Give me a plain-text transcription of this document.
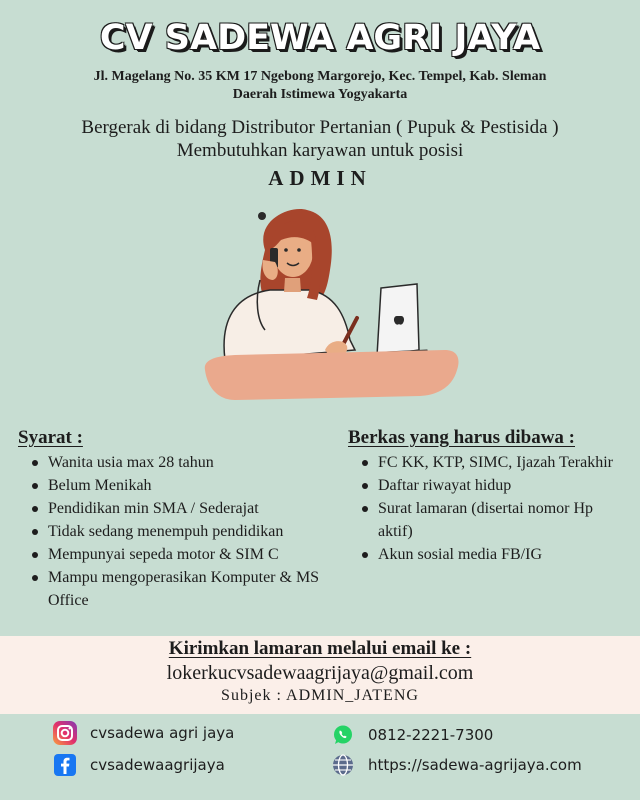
CV SADEWA AGRI JAYA
Jl. Magelang No. 35 KM 17 Ngebong Margorejo, Kec. Tempel, Kab. Sleman
Daerah Istimewa Yogyakarta
Bergerak di bidang Distributor Pertanian ( Pupuk & Pestisida )
Membutuhkan karyawan untuk posisi
ADMIN
Syarat :
Wanita usia max 28 tahun
Belum Menikah
Pendidikan min SMA / Sederajat
Tidak sedang menempuh pendidikan
Mempunyai sepeda motor & SIM C
Mampu mengoperasikan Komputer & MS Office
Berkas yang harus dibawa :
FC KK, KTP, SIMC, Ijazah Terakhir
Daftar riwayat hidup
Surat lamaran (disertai nomor Hp aktif)
Akun sosial media FB/IG
Kirimkan lamaran melalui email ke :
lokerkucvsadewaagrijaya@gmail.com
Subjek : ADMIN_JATENG
cvsadewa agri jaya
cvsadewaagrijaya
0812-2221-7300
https://sadewa-agrijaya.com
